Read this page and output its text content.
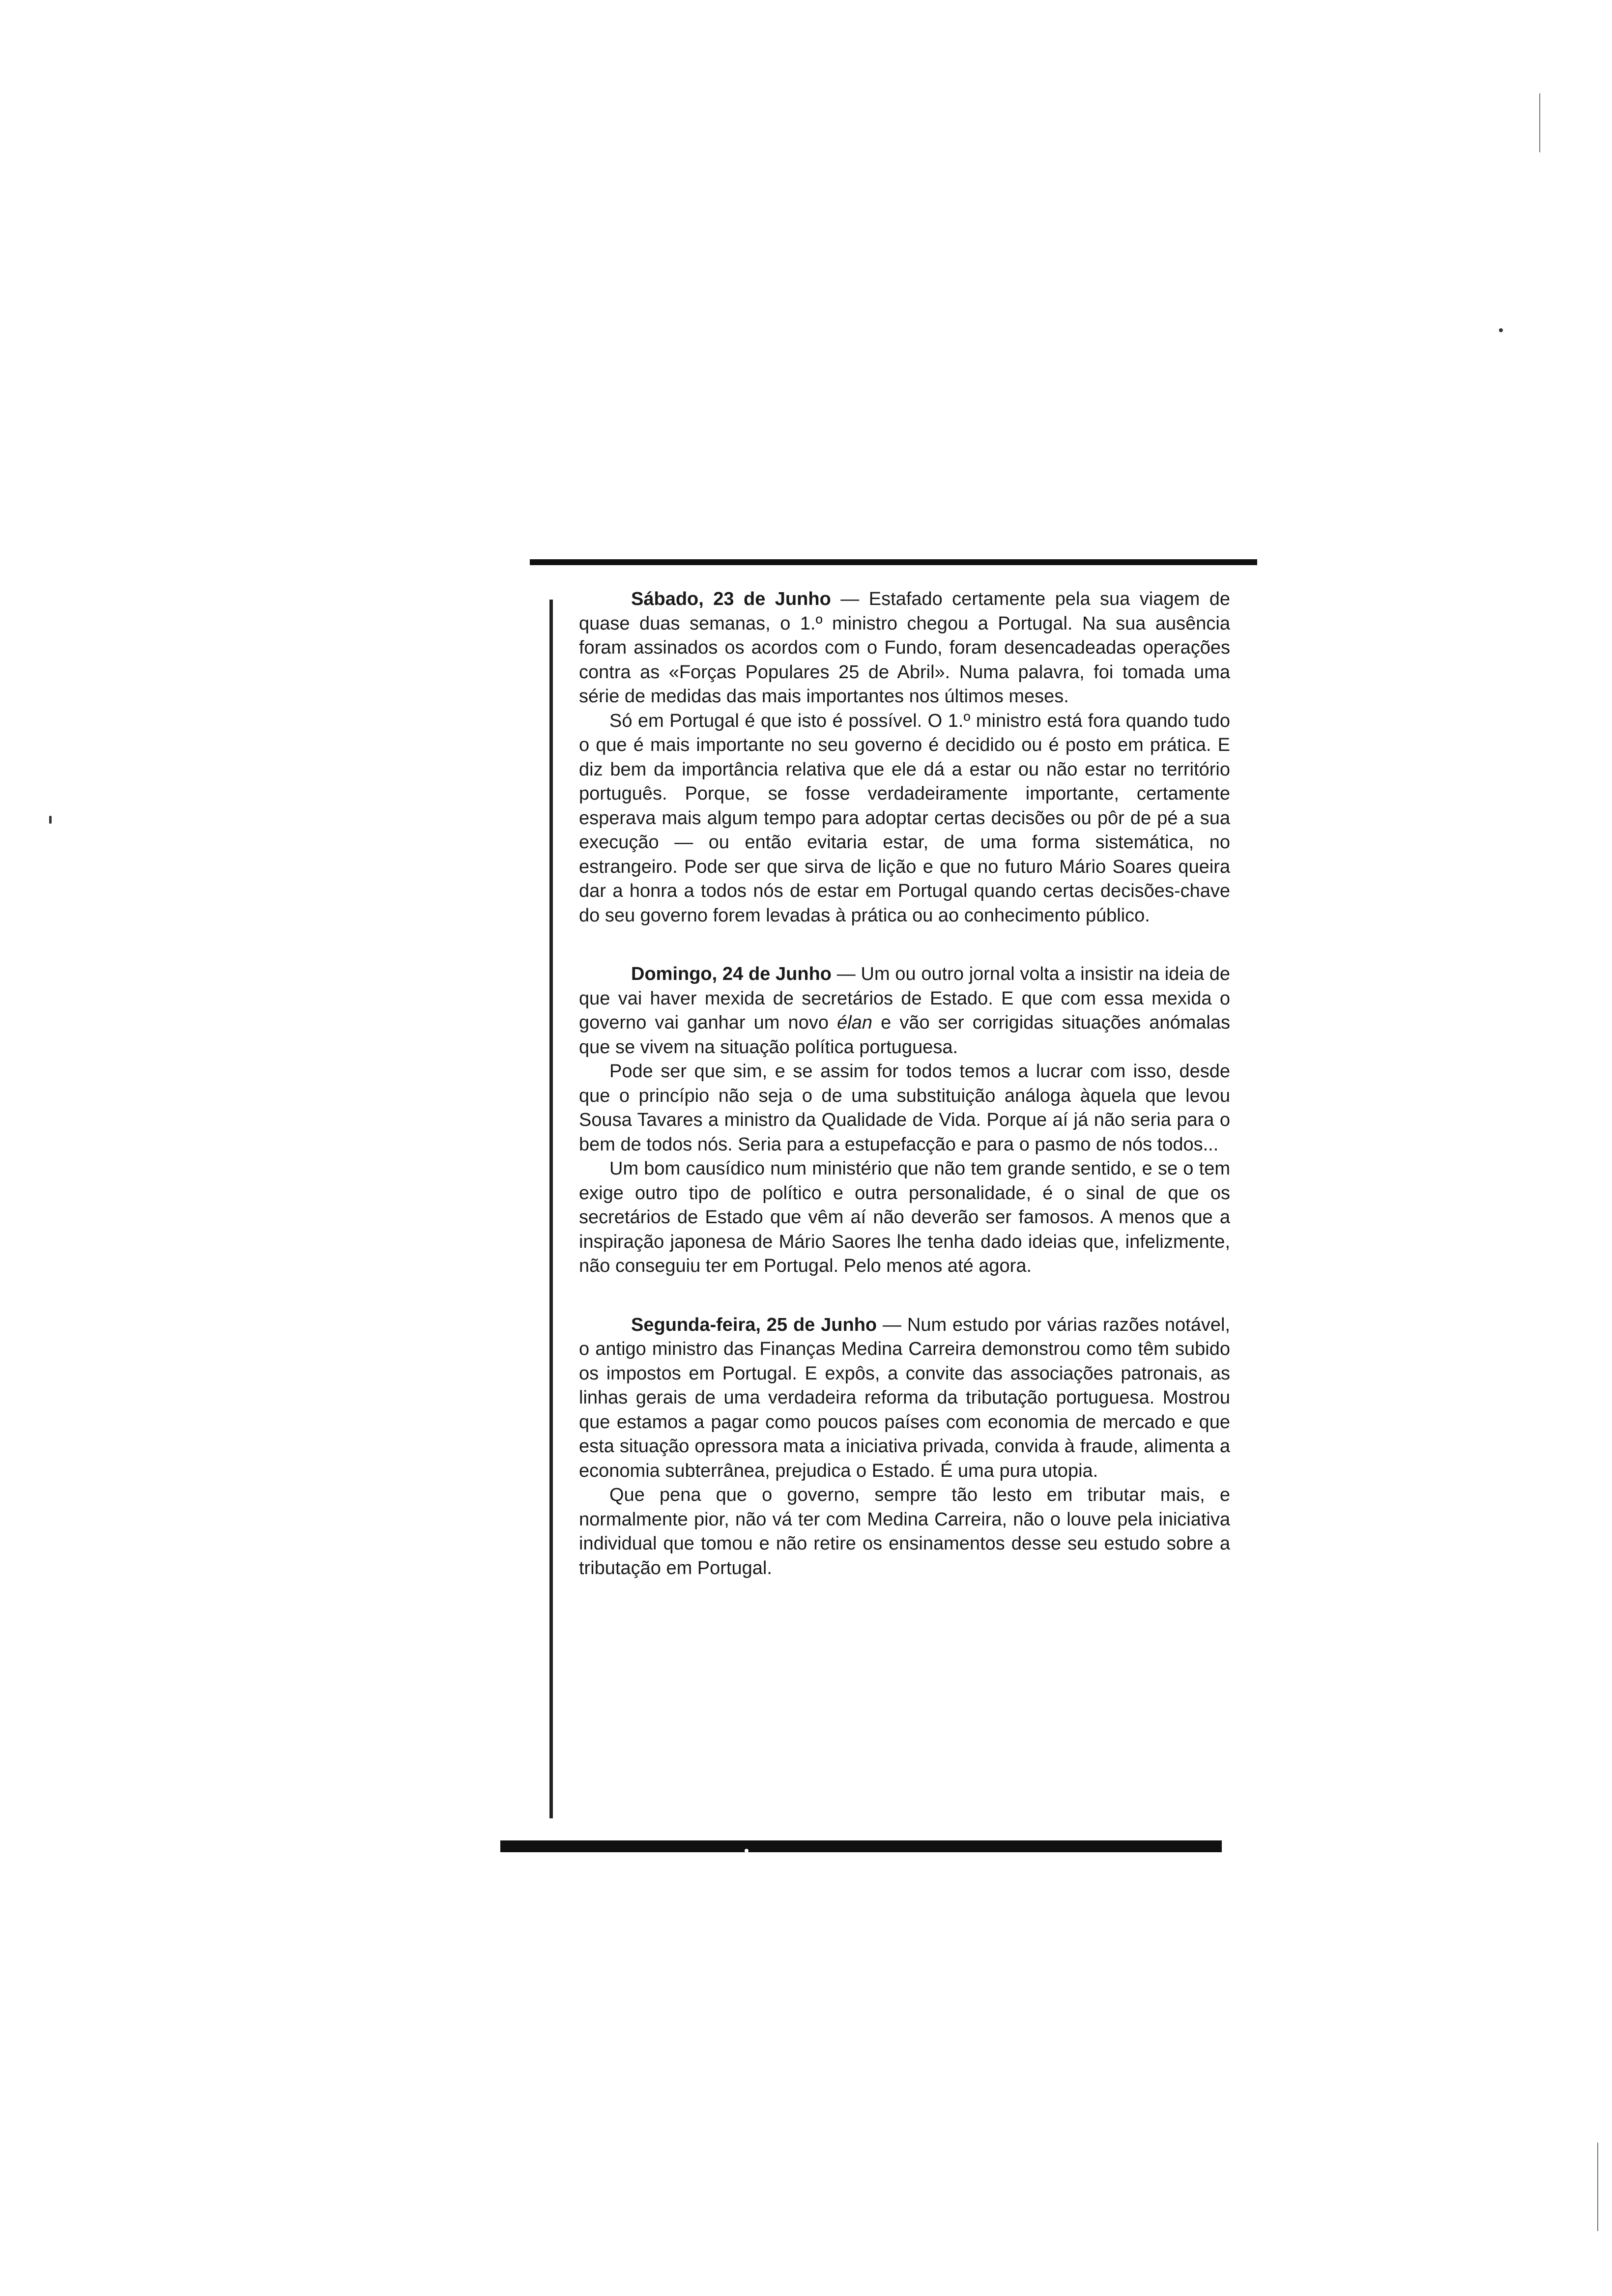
Sábado, 23 de Junho — Estafado certamente pela sua viagem de quase duas semanas, o 1.º ministro chegou a Portugal. Na sua ausência foram assinados os acordos com o Fundo, foram desencadeadas operações contra as «Forças Populares 25 de Abril». Numa palavra, foi tomada uma série de medidas das mais importantes nos últimos meses.

Só em Portugal é que isto é possível. O 1.º ministro está fora quando tudo o que é mais importante no seu governo é decidido ou é posto em prática. E diz bem da importância relativa que ele dá a estar ou não estar no território português. Porque, se fosse verdadeiramente importante, certamente esperava mais algum tempo para adoptar certas decisões ou pôr de pé a sua execução — ou então evitaria estar, de uma forma sistemática, no estrangeiro. Pode ser que sirva de lição e que no futuro Mário Soares queira dar a honra a todos nós de estar em Portugal quando certas decisões-chave do seu governo forem levadas à prática ou ao conhecimento público.

Domingo, 24 de Junho — Um ou outro jornal volta a insistir na ideia de que vai haver mexida de secretários de Estado. E que com essa mexida o governo vai ganhar um novo élan e vão ser corrigidas situações anómalas que se vivem na situação política portuguesa.

Pode ser que sim, e se assim for todos temos a lucrar com isso, desde que o princípio não seja o de uma substituição análoga àquela que levou Sousa Tavares a ministro da Qualidade de Vida. Porque aí já não seria para o bem de todos nós. Seria para a estupefacção e para o pasmo de nós todos...

Um bom causídico num ministério que não tem grande sentido, e se o tem exige outro tipo de político e outra personalidade, é o sinal de que os secretários de Estado que vêm aí não deverão ser famosos. A menos que a inspiração japonesa de Mário Saores lhe tenha dado ideias que, infelizmente, não conseguiu ter em Portugal. Pelo menos até agora.

Segunda-feira, 25 de Junho — Num estudo por várias razões notável, o antigo ministro das Finanças Medina Carreira demonstrou como têm subido os impostos em Portugal. E expôs, a convite das associações patronais, as linhas gerais de uma verdadeira reforma da tributação portuguesa. Mostrou que estamos a pagar como poucos países com economia de mercado e que esta situação opressora mata a iniciativa privada, convida à fraude, alimenta a economia subterrânea, prejudica o Estado. É uma pura utopia.

Que pena que o governo, sempre tão lesto em tributar mais, e normalmente pior, não vá ter com Medina Carreira, não o louve pela iniciativa individual que tomou e não retire os ensinamentos desse seu estudo sobre a tributação em Portugal.
